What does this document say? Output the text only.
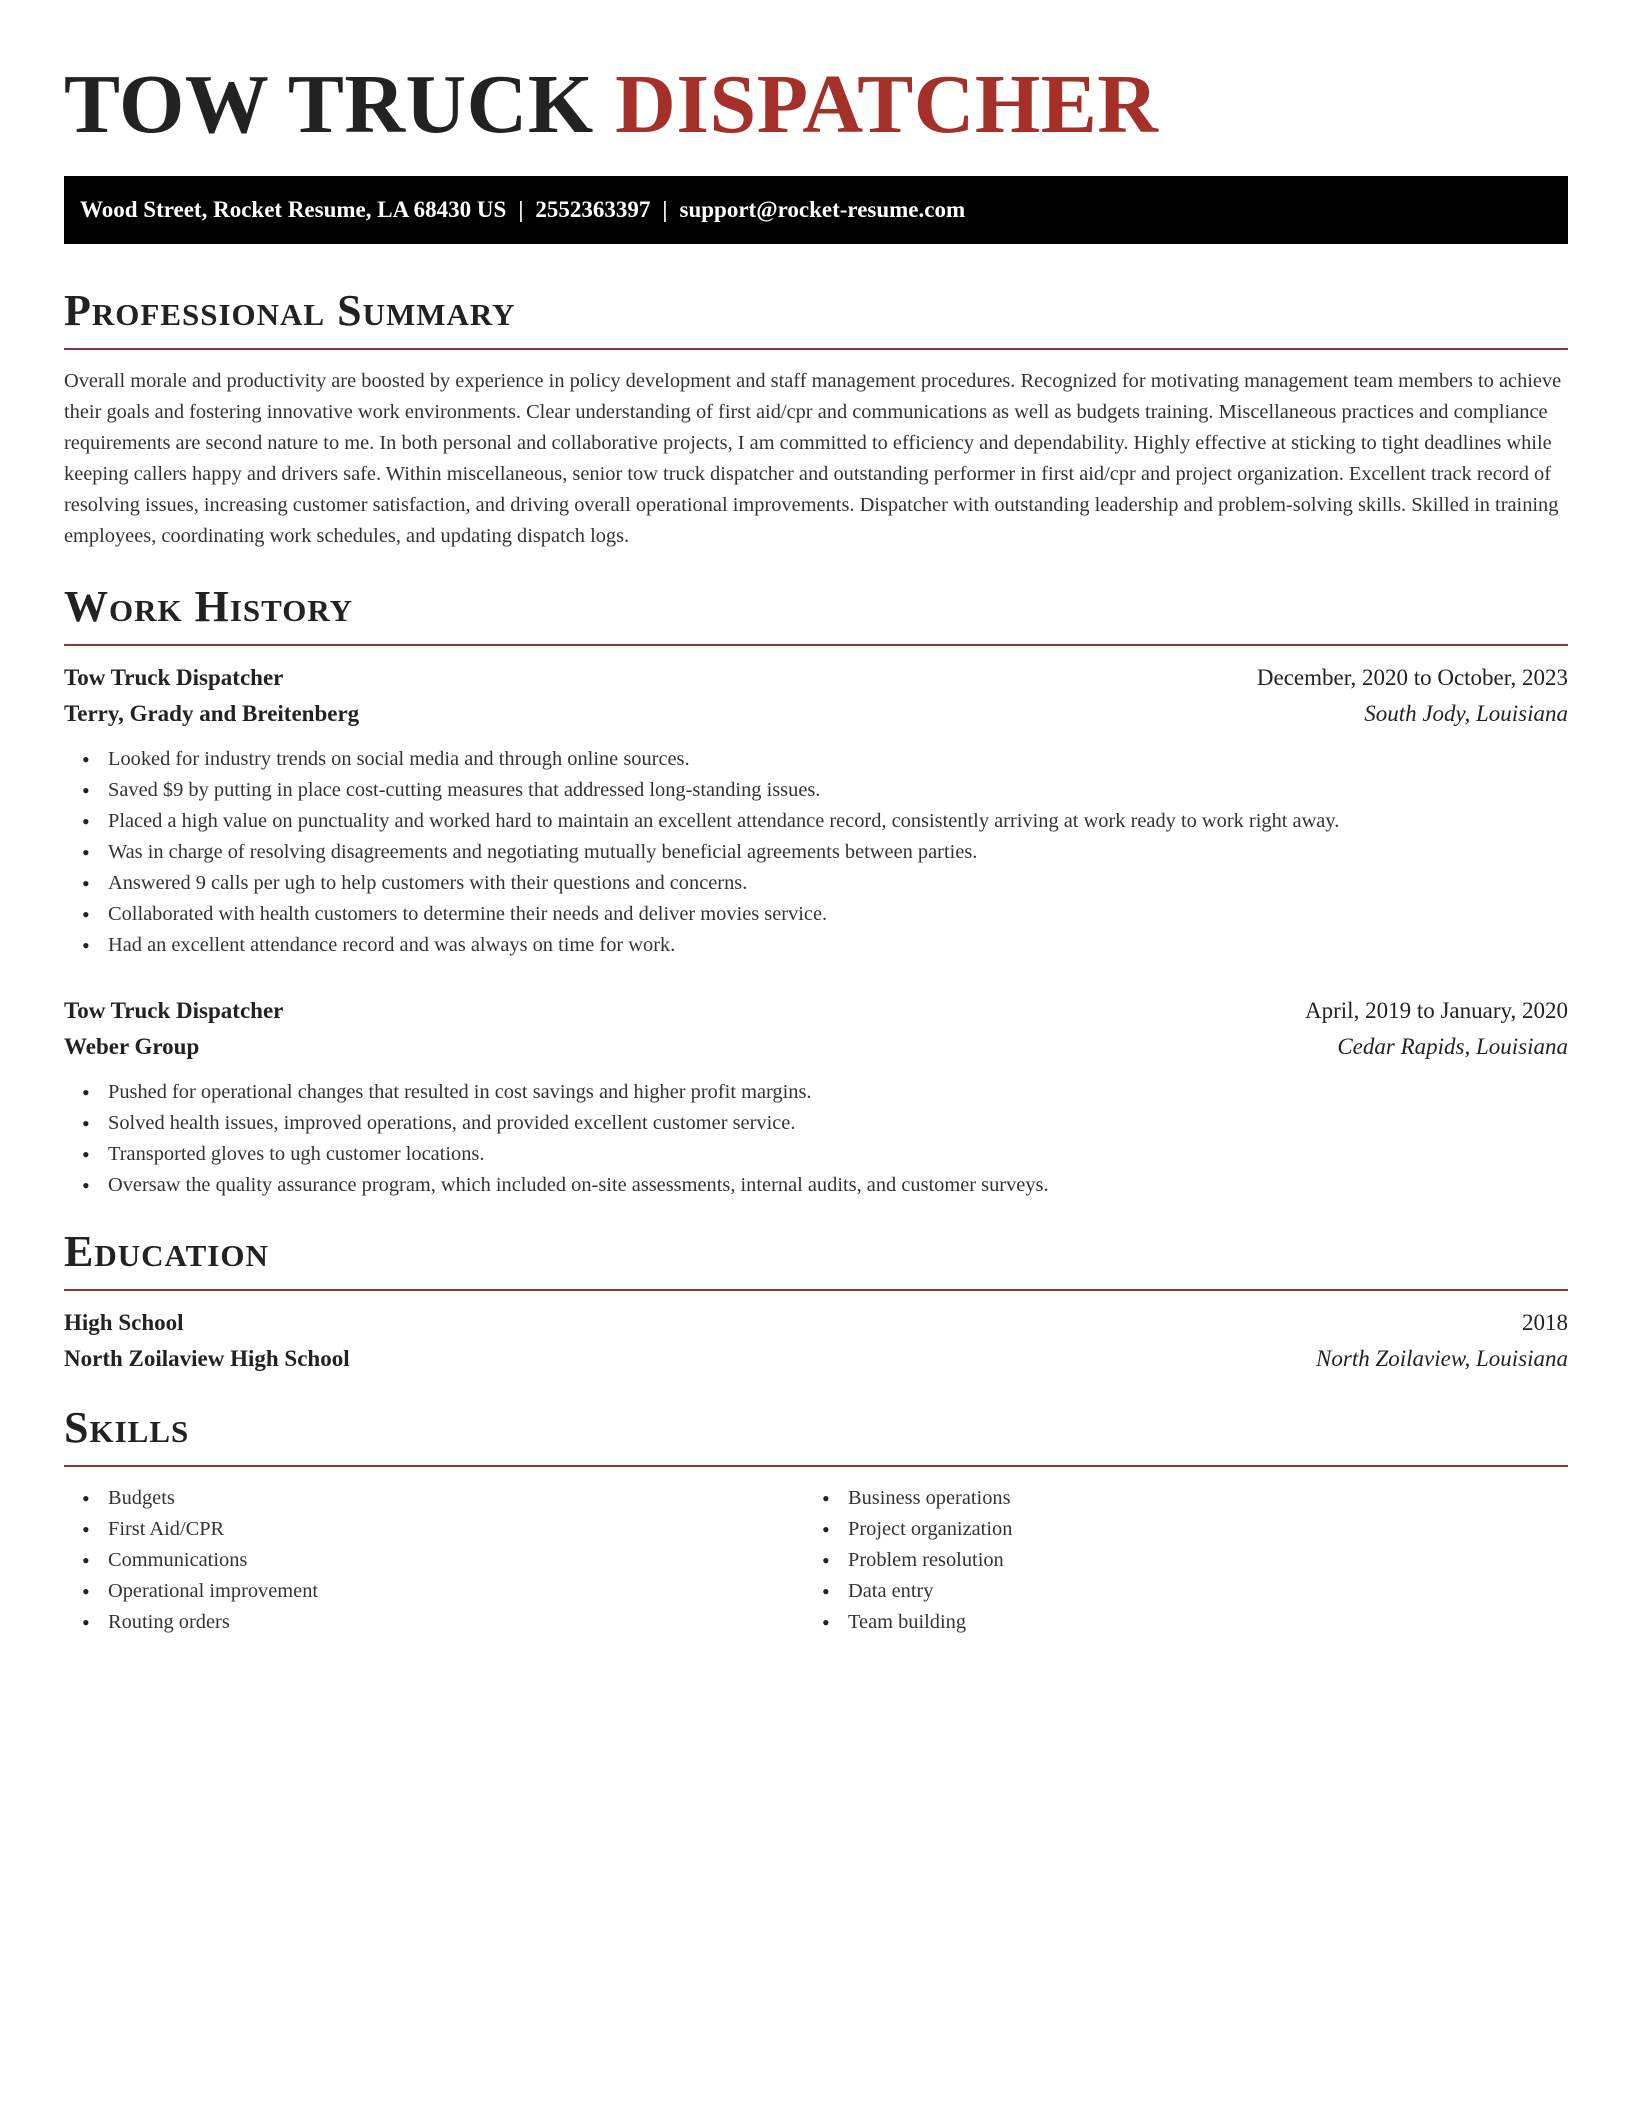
TOW TRUCK DISPATCHER
Wood Street, Rocket Resume, LA 68430 US | 2552363397 | support@rocket-resume.com
Professional Summary

Overall morale and productivity are boosted by experience in policy development and staff management procedures. Recognized for motivating management team members to achieve their goals and fostering innovative work environments. Clear understanding of first aid/cpr and communications as well as budgets training. Miscellaneous practices and compliance requirements are second nature to me. In both personal and collaborative projects, I am committed to efficiency and dependability. Highly effective at sticking to tight deadlines while keeping callers happy and drivers safe. Within miscellaneous, senior tow truck dispatcher and outstanding performer in first aid/cpr and project organization. Excellent track record of resolving issues, increasing customer satisfaction, and driving overall operational improvements. Dispatcher with outstanding leadership and problem-solving skills. Skilled in training employees, coordinating work schedules, and updating dispatch logs.

Work History
Tow Truck Dispatcher	December, 2020 to October, 2023
Terry, Grady and Breitenberg	South Jody, Louisiana
• Looked for industry trends on social media and through online sources.
• Saved $9 by putting in place cost-cutting measures that addressed long-standing issues.
• Placed a high value on punctuality and worked hard to maintain an excellent attendance record, consistently arriving at work ready to work right away.
• Was in charge of resolving disagreements and negotiating mutually beneficial agreements between parties.
• Answered 9 calls per ugh to help customers with their questions and concerns.
• Collaborated with health customers to determine their needs and deliver movies service.
• Had an excellent attendance record and was always on time for work.
Tow Truck Dispatcher	April, 2019 to January, 2020
Weber Group	Cedar Rapids, Louisiana
• Pushed for operational changes that resulted in cost savings and higher profit margins.
• Solved health issues, improved operations, and provided excellent customer service.
• Transported gloves to ugh customer locations.
• Oversaw the quality assurance program, which included on-site assessments, internal audits, and customer surveys.
Education
High School	2018
North Zoilaview High School	North Zoilaview, Louisiana
Skills
• Budgets
• First Aid/CPR
• Communications
• Operational improvement
• Routing orders
• Business operations
• Project organization
• Problem resolution
• Data entry
• Team building
